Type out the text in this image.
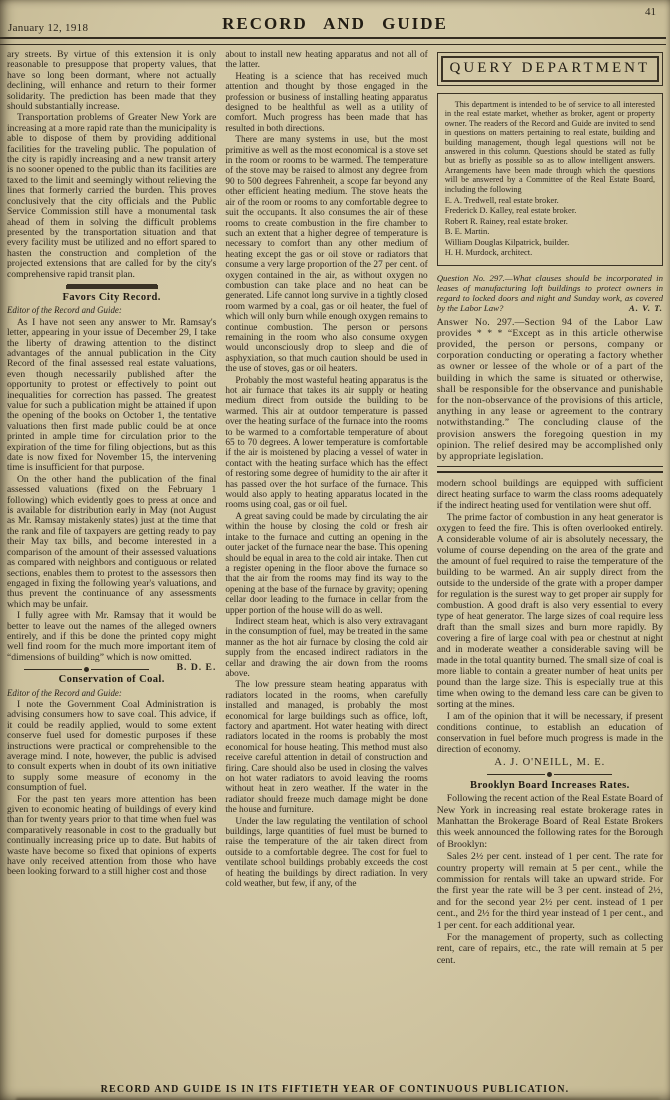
January 12, 1918	RECORD AND GUIDE
41

ary streets. By virtue of this extension it is only reasonable to presuppose that property values, that have so long been dormant, where not actually declining, will enhance and return to their former solidarity. The prediction has been made that they should substantially increase.

Transportation problems of Greater New York are increasing at a more rapid rate than the municipality is able to dispose of them by providing additional facilities for the traveling public. The population of the city is rapidly increasing and a new transit artery is no sooner opened to the public than its facilities are taxed to the limit and seemingly without relieving the lines that formerly carried the burden. This proves conclusively that the city officials and the Public Service Commission still have a monumental task ahead of them in solving the difficult problems presented by the transportation situation and that every facility must be utilized and no effort spared to hasten the construction and completion of the projected extensions that are called for by the city's comprehensive rapid transit plan.

Favors City Record.

Editor of the Record and Guide:

As I have not seen any answer to Mr. Ramsay's letter, appearing in your issue of December 29, I take the liberty of drawing attention to the distinct advantages of the annual publication in the City Record of the final assessed real estate valuations, even though necessarily published after the opportunity to protest or effectively to point out inequalities for correction has passed. The greatest value for such a publication might be attained if upon the opening of the books on October 1, the tentative valuations then first made public could be at once printed in ample time for circulation prior to the expiration of the time for filing objections, but as this date is now fixed for November 15, the intervening time is insufficient for that purpose.

On the other hand the publication of the final assessed valuations (fixed on the February 1 following) which evidently goes to press at once and is available for distribution early in May (not August as Mr. Ramsay mistakenly states) just at the time that the rank and file of taxpayers are getting ready to pay their May tax bills, and become interested in a comparison of the amount of their assessed valuations as compared with neighbors and contiguous or related sections, enables them to protest to the assessors then engaged in fixing the following year's valuations, and thus prevent the continuance of any assessments which may be unfair.

I fully agree with Mr. Ramsay that it would be better to leave out the names of the alleged owners entirely, and if this be done the printed copy might well find room for the much more important item of “dimensions of building” which is now omitted.
B. D. E.

Conservation of Coal.

Editor of the Record and Guide:

I note the Government Coal Administration is advising consumers how to save coal. This advice, if it could be readily applied, would to some extent conserve fuel used for domestic purposes if these instructions were practical or comprehensible to the average mind. I note, however, the public is advised to consult experts when in doubt of its own initiative to supply some measure of economy in the consumption of fuel.

For the past ten years more attention has been given to economic heating of buildings of every kind than for twenty years prior to that time when fuel was comparatively reasonable in cost to the gradually but continually increasing price up to date. But habits of waste have become so fixed that opinions of experts have only received attention from those who have been looking forward to a still higher cost and those

about to install new heating apparatus and not all of the latter.

Heating is a science that has received much attention and thought by those engaged in the profession or business of installing heating apparatus designed to be healthful as well as a utility of comfort. Much progress has been made that has resulted in both directions.

There are many systems in use, but the most primitive as well as the most economical is a stove set in the room or rooms to be warmed. The temperature of the stove may be raised to almost any degree from 90 to 500 degrees Fahrenheit, a scope far beyond any other efficient heating medium. The stove heats the air of the room or rooms to any comfortable degree to suit the occupants. It also consumes the air of these rooms to create combustion in the fire chamber to such an extent that a higher degree of temperature is necessary to comfort than any other medium of heating except the gas or oil stove or radiators that consume a very large proportion of the 27 per cent. of oxygen contained in the air, as without oxygen no combustion can take place and no heat can be generated. Life cannot long survive in a tightly closed room warmed by a coal, gas or oil heater, the fuel of which will only burn while enough oxygen remains to continue combustion. The person or persons remaining in the room who also consume oxygen would unconsciously drop to sleep and die of asphyxiation, so that much caution should be used in the use of stoves, gas or oil heaters.

Probably the most wasteful heating apparatus is the hot air furnace that takes its air supply or heating medium direct from outside the building to be warmed. This air at outdoor temperature is passed over the heating surface of the furnace into the rooms to be warmed to a comfortable temperature of about 65 to 70 degrees. A lower temperature is comfortable if the air is moistened by placing a vessel of water in contact with the heating surface which has the effect of restoring some degree of humidity to the air after it has passed over the hot surface of the furnace. This would also apply to heating apparatus located in the rooms using coal, gas or oil fuel.

A great saving could be made by circulating the air within the house by closing the cold or fresh air intake to the furnace and cutting an opening in the outer jacket of the furnace near the base. This opening should be equal in area to the cold air intake. Then cut a register opening in the floor above the furnace so that the air from the rooms may find its way to the opening at the base of the furnace by gravity; opening cellar door leading to the furnace in cellar from the upper portion of the house will do as well.

Indirect steam heat, which is also very extravagant in the consumption of fuel, may be treated in the same manner as the hot air furnace by closing the cold air supply from the encased indirect radiators in the cellar and drawing the air down from the rooms above.

The low pressure steam heating apparatus with radiators located in the rooms, when carefully installed and managed, is probably the most economical for large buildings such as office, loft, factory and apartment. Hot water heating with direct radiators located in the rooms is probably the most economical for house heating. This method must also receive careful attention in detail of construction and firing. Care should also be used in closing the valves on hot water radiators to avoid leaving the rooms without heat in zero weather. If the water in the radiator should freeze much damage might be done the house and furniture.

Under the law regulating the ventilation of school buildings, large quantities of fuel must be burned to raise the temperature of the air taken direct from outside to a comfortable degree. The cost for fuel to ventilate school buildings probably exceeds the cost of heating the buildings by direct radiation. In very cold weather, but few, if any, of the

QUERY DEPARTMENT

This department is intended to be of service to all interested in the real estate market, whether as broker, agent or property owner. The readers of the Record and Guide are invited to send in questions on matters pertaining to real estate, building and building management, though legal questions will not be answered in this column. Questions should be stated as fully but as briefly as possible so as to allow intelligent answers. Arrangements have been made through which the questions will be answered by a Committee of the Real Estate Board, including the following

E. A. Tredwell, real estate broker.
Frederick D. Kalley, real estate broker.
Robert R. Rainey, real estate broker.
B. E. Martin.
William Douglas Kilpatrick, builder.
H. H. Murdock, architect.

Question No. 297.—What clauses should be incorporated in leases of manufacturing loft buildings to protect owners in regard to locked doors and night and Sunday work, as covered by the Labor Law?	A. V. T.

Answer No. 297.—Section 94 of the Labor Law provides * * * “Except as in this article otherwise provided, the person or persons, company or corporation conducting or operating a factory whether as owner or lessee of the whole or of a part of the building in which the same is situated or otherwise, shall be responsible for the observance and punishable for the non-observance of the provisions of this article, anything in any lease or agreement to the contrary notwithstanding.” The concluding clause of the provision answers the foregoing question in my opinion. The relief desired may be accomplished only by appropriate legislation.

modern school buildings are equipped with sufficient direct heating surface to warm the class rooms adequately if the indirect heating used for ventilation were shut off.

The prime factor of combustion in any heat generator is oxygen to feed the fire. This is often overlooked entirely. A considerable volume of air is absolutely necessary, the volume of course depending on the area of the grate and the amount of fuel required to raise the temperature of the building to be warmed. An air supply direct from the outside to the underside of the grate with a proper damper for regulation is the surest way to get proper air supply for combustion. A good draft is also very essential to every type of heat generator. The large sizes of coal require less draft than the small sizes and burn more rapidly. By covering a fire of large coal with pea or chestnut at night and in moderate weather a considerable saving will be made in the total quantity burned. The small size of coal is more liable to contain a greater number of heat units per pound than the large size. This is especially true at this time when owing to the demand less care can be given to sorting at the mines.

I am of the opinion that it will be necessary, if present conditions continue, to establish an education of conservation in fuel before much progress is made in the direction of economy.

A. J. O'NEILL, M. E.

Brooklyn Board Increases Rates.

Following the recent action of the Real Estate Board of New York in increasing real estate brokerage rates in Manhattan the Brokerage Board of Real Estate Brokers this week announced the following rates for the Borough of Brooklyn:

Sales 2½ per cent. instead of 1 per cent. The rate for country property will remain at 5 per cent., while the commission for rentals will take an upward stride. For the first year the rate will be 3 per cent. instead of 2½, and for the second year 2½ per cent. instead of 1 per cent., and 2½ for the third year instead of 1 per cent., and 1 per cent. for each additional year.

For the management of property, such as collecting rent, care of repairs, etc., the rate will remain at 5 per cent.

RECORD AND GUIDE IS IN ITS FIFTIETH YEAR OF CONTINUOUS PUBLICATION.
